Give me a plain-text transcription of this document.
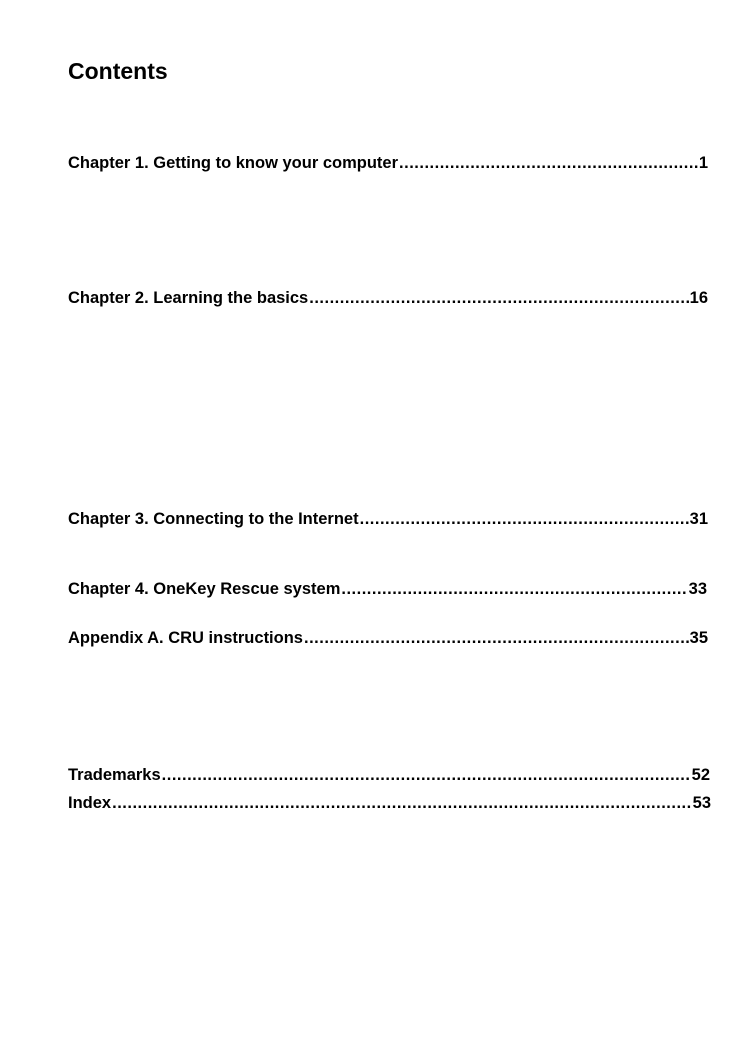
Contents
Chapter 1. Getting to know your computer .....	1
Chapter 2. Learning the basics .....	16
Chapter 3. Connecting to the Internet .....	31
Chapter 4. OneKey Rescue system .....	33
Appendix A. CRU instructions .....	35
Trademarks .....	52
Index .....	53
